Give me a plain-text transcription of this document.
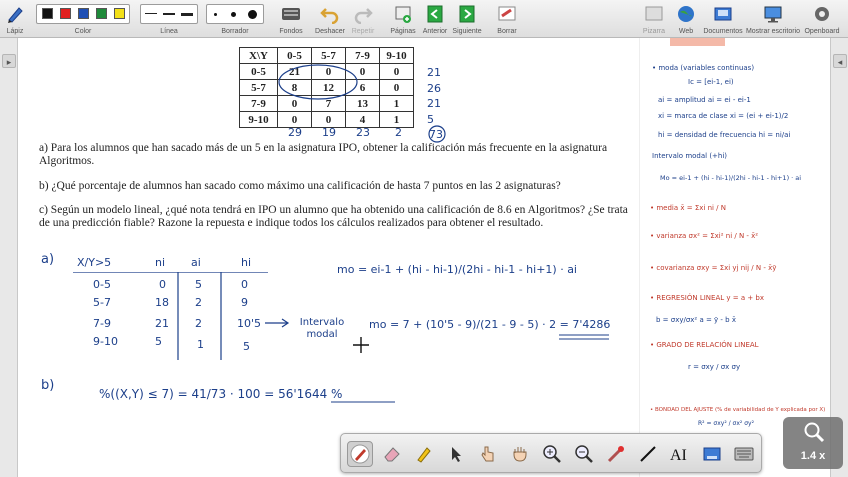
Lápiz	Color	Línea	Borrador	Fondos Deshacer Repetir Páginas Anterior Siguiente Borrar	Pizarra Web Documentos Mostrar escritorio Openboard
▸	◂
X\Y	0-5	5-7	7-9	9-10
0-5	21	0	0	0
5-7	8	12	6	0
7-9	0	7	13	1
9-10	0	0	4	1
21
26
21
5
29 19 23 2 73
a) Para los alumnos que han sacado más de un 5 en la asignatura IPO, obtener la calificación más frecuente en la asignatura Algoritmos.
b) ¿Qué porcentaje de alumnos han sacado como máximo una calificación de hasta 7 puntos en las 2 asignaturas?
c) Según un modelo lineal, ¿qué nota tendrá en IPO un alumno que ha obtenido una calificación de 8.6 en Algoritmos? ¿Se trata de una predicción fiable? Razone la repuesta e indique todos los cálculos realizados para obtener el resultado.
a) X/Y>5	ni ai	hi
0-5	0	5	0
5-7	18 2	9
7-9	21 2	10'5
9-10	5	1	5
mo = ei-1 + (hi - hi-1)/(2hi - hi-1 - hi+1) · ai
Intervalo modal
mo = 7 + (10'5 - 9)/(21 - 9 - 5) · 2 = 7'4286
b)
%((X,Y) ≤ 7) = 41/73 · 100 = 56'1644 %
• moda (variables continuas)
Ic = [ei-1, ei)
ai = amplitud ai = ei - ei-1
xi = marca de clase xi = (ei + ei-1)/2
hi = densidad de frecuencia hi = ni/ai
Intervalo modal (+hi)
Mo = ei-1 + (hi - hi-1)/(2hi - hi-1 - hi+1) · ai
• media x̄ = Σxi ni / N
• varianza σx² = Σxi² ni / N - x̄²
• covarianza σxy = Σxi yj nij / N - x̄ȳ
• REGRESIÓN LINEAL y = a + bx
b = σxy/σx² a = ȳ - b x̄
• GRADO DE RELACIÓN LINEAL
r = σxy / σx σy
• BONDAD DEL AJUSTE (% de variabilidad de Y explicada por X)
R² = σxy² / σx² σy²
AI	1.4 x
